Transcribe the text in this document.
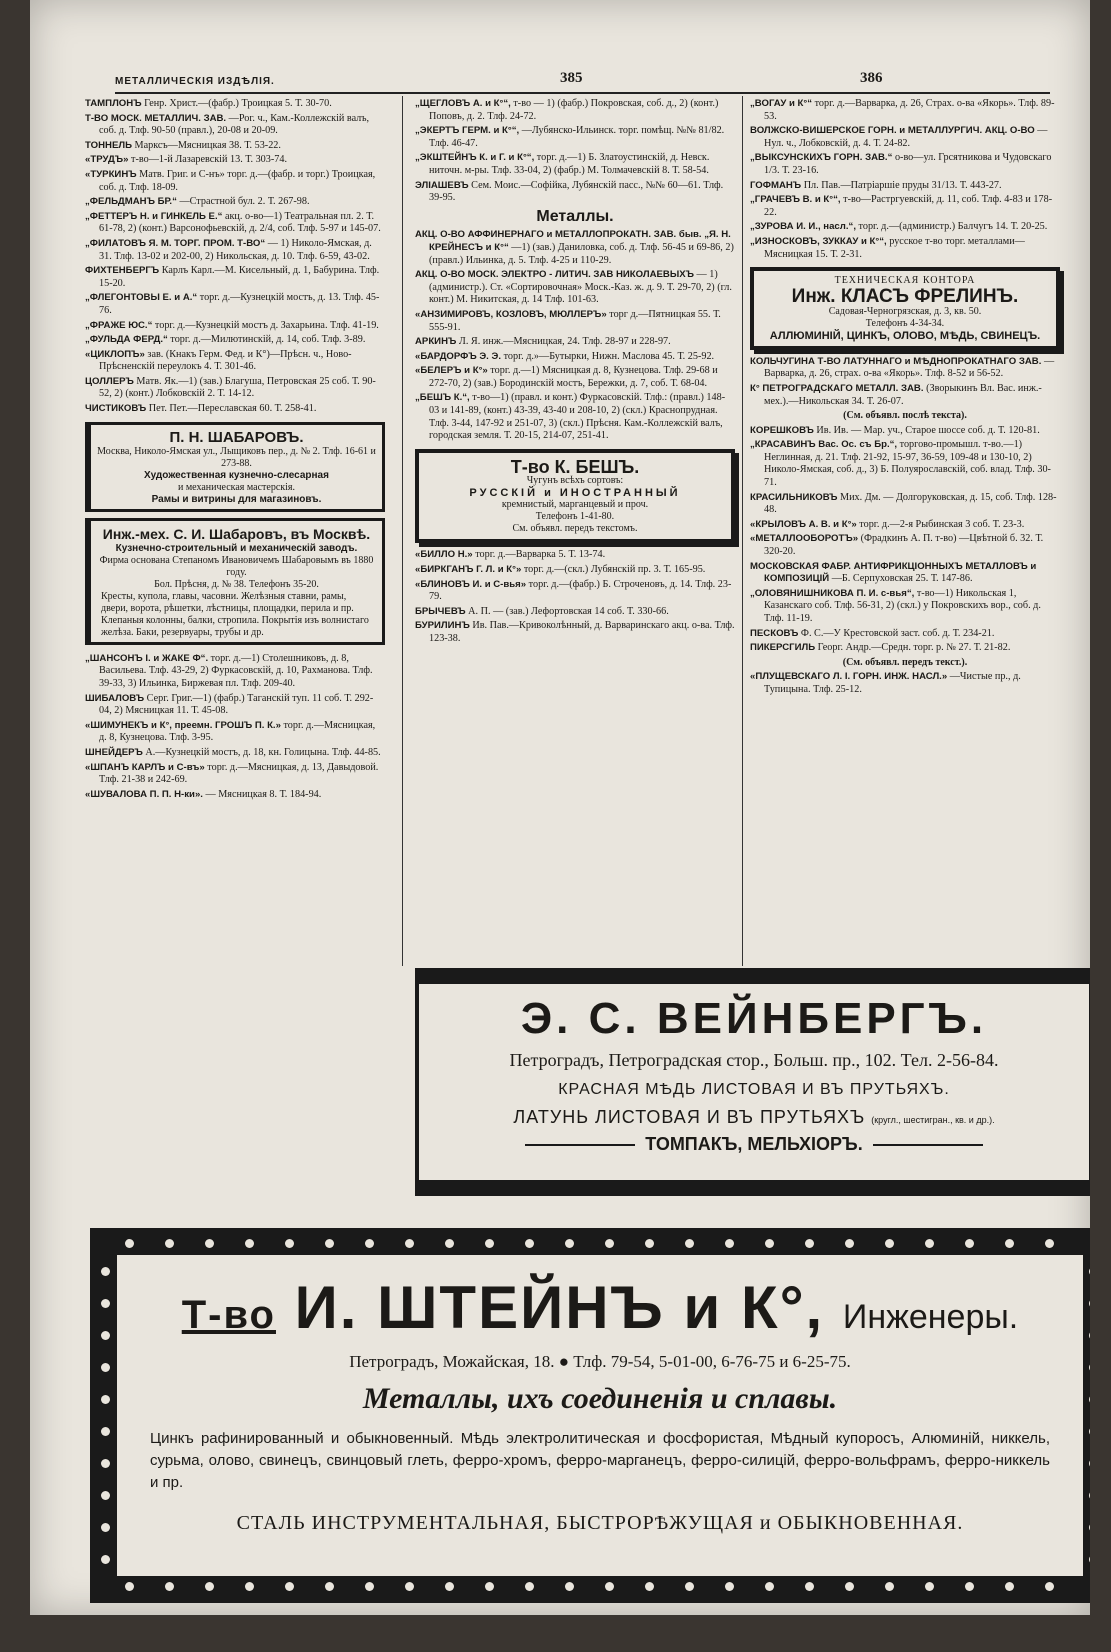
МЕТАЛЛИЧЕСКІЯ ИЗДѢЛІЯ.	385	386
ТАМПЛОНЪ Генр. Христ.—(фабр.) Троицкая 5. Т. 30-70.
Т-ВО МОСК. МЕТАЛЛИЧ. ЗАВ. —Рог. ч., Кам.-Коллежскій валъ, соб. д. Тлф. 90-50 (правл.), 20-08 и 20-09.
ТОННЕЛЬ Марксъ—Мясницкая 38. Т. 53-22.
«ТРУДЪ» т-во—1-й Лазаревскій 13. Т. 303-74.
«ТУРКИНЪ Матв. Григ. и С-нъ» торг. д.—(фабр. и торг.) Троицкая, соб. д. Тлф. 18-09.
„ФЕЛЬДМАНЪ БР.“ —Страстной бул. 2. Т. 267-98.
„ФЕТТЕРЪ Н. и ГИНКЕЛЬ Е.“ акц. о-во—1) Театральная пл. 2. Т. 61-78, 2) (конт.) Варсонофьевскій, д. 2/4, соб. Тлф. 5-97 и 145-07.
„ФИЛАТОВЪ Я. М. ТОРГ. ПРОМ. Т-ВО“ — 1) Николо-Ямская, д. 31. Тлф. 13-02 и 202-00, 2) Никольская, д. 10. Тлф. 6-59, 43-02.
ФИХТЕНБЕРГЪ Карлъ Карл.—М. Кисельный, д. 1, Бабурина. Тлф. 15-20.
„ФЛЕГОНТОВЫ Е. и А.“ торг. д.—Кузнецкій мостъ, д. 13. Тлф. 45-76.
„ФРАЖЕ ЮС.“ торг. д.—Кузнецкій мостъ д. Захарьина. Тлф. 41-19.
„ФУЛЬДА ФЕРД.“ торг. д.—Милютинскій, д. 14, соб. Тлф. 3-89.
«ЦИКЛОПЪ» зав. (Кнакъ Герм. Фед. и К°)—Прѣсн. ч., Ново-Прѣсненскій переулокъ 4. Т. 301-46.
ЦОЛЛЕРЪ Матв. Як.—1) (зав.) Благуша, Петровская 25 соб. Т. 90-52, 2) (конт.) Лобковскій 2. Т. 14-12.
ЧИСТИКОВЪ Пет. Пет.—Переславская 60. Т. 258-41.
П. Н. ШАБАРОВЪ.
Москва, Николо-Ямская ул., Лыщиковъ пер., д. № 2. Тлф. 16-61 и 273-88.
Художественная кузнечно-слесарная
и механическая мастерскія.
Рамы и витрины для магазиновъ.
Инж.-мех. С. И. Шабаровъ, въ Москвѣ.
Кузнечно-строительный и механическій заводъ.
Фирма основана Степаномъ Ивановичемъ Шабаровымъ въ 1880 году.
Бол. Прѣсня, д. № 38. Телефонъ 35-20.
Кресты, купола, главы, часовни. Желѣзныя ставни, рамы, двери, ворота, рѣшетки, лѣстницы, площадки, перила и пр. Клепаныя колонны, балки, стропила. Покрытія изъ волнистаго желѣза. Баки, резервуары, трубы и др.
„ШАНСОНЪ І. и ЖАКЕ Ф“. торг. д.—1) Столешниковъ, д. 8, Васильева. Тлф. 43-29, 2) Фуркасовскій, д. 10, Рахманова. Тлф. 39-33, 3) Ильинка, Биржевая пл. Тлф. 209-40.
ШИБАЛОВЪ Серг. Григ.—1) (фабр.) Таганскій туп. 11 соб. Т. 292-04, 2) Мясницкая 11. Т. 45-08.
«ШИМУНЕКЪ и К°, преемн. ГРОШЪ П. К.» торг. д.—Мясницкая, д. 8, Кузнецова. Тлф. 3-95.
ШНЕЙДЕРЪ А.—Кузнецкій мостъ, д. 18, кн. Голицына. Тлф. 44-85.
«ШПАНЪ КАРЛЪ и С-въ» торг. д.—Мясницкая, д. 13, Давыдовой. Тлф. 21-38 и 242-69.
«ШУВАЛОВА П. П. Н-ки». — Мясницкая 8. Т. 184-94.
„ЩЕГЛОВЪ А. и К°“, т-во — 1) (фабр.) Покровская, соб. д., 2) (конт.) Поповъ, д. 2. Тлф. 24-72.
„ЭКЕРТЪ ГЕРМ. и К°“, —Лубянско-Ильинск. торг. помѣщ. №№ 81/82. Тлф. 46-47.
„ЭКШТЕЙНЪ К. и Г. и К°“, торг. д.—1) Б. Златоустинскій, д. Невск. ниточн. м-ры. Тлф. 33-04, 2) (фабр.) М. Толмачевскій 8. Т. 58-54.
ЭЛІАШЕВЪ Сем. Моис.—Софійка, Лубянскій пасс., №№ 60—61. Тлф. 39-95.
Металлы.
АКЦ. О-ВО АФФИНЕРНАГО и МЕТАЛЛОПРОКАТН. ЗАВ. быв. „Я. Н. КРЕЙНЕСЪ и К°“ —1) (зав.) Даниловка, соб. д. Тлф. 56-45 и 69-86, 2) (правл.) Ильинка, д. 5. Тлф. 4-25 и 110-29.
АКЦ. О-ВО МОСК. ЭЛЕКТРО - ЛИТИЧ. ЗАВ НИКОЛАЕВЫХЪ — 1) (администр.). Ст. «Сортировочная» Моск.-Каз. ж. д. 9. Т. 29-70, 2) (гл. конт.) М. Никитская, д. 14 Тлф. 101-63.
«АНЗИМИРОВЪ, КОЗЛОВЪ, МЮЛЛЕРЪ» торг д.—Пятницкая 55. Т. 555-91.
АРКИНЪ Л. Я. инж.—Мясницкая, 24. Тлф. 28-97 и 228-97.
«БАРДОРФЪ Э. Э. торг. д.»—Бутырки, Нижн. Маслова 45. Т. 25-92.
«БЕЛЕРЪ и К°» торг. д.—1) Мясницкая д. 8, Кузнецова. Тлф. 29-68 и 272-70, 2) (зав.) Бородинскій мостъ, Бережки, д. 7, соб. Т. 68-04.
„БЕШЪ К.“, т-во—1) (правл. и конт.) Фуркасовскій. Тлф.: (правл.) 148-03 и 141-89, (конт.) 43-39, 43-40 и 208-10, 2) (скл.) Краснопрудная. Тлф. 3-44, 147-92 и 251-07, 3) (скл.) Прѣсня. Кам.-Коллежскій валъ, городская земля. Т. 20-15, 214-07, 251-41.
Т-во К. БЕШЪ.
Чугунъ всѣхъ сортовъ:
РУССКІЙ и ИНОСТРАННЫЙ
кремнистый, марганцевый и проч.
Телефонъ 1-41-80.
См. объявл. передъ текстомъ.
«БИЛЛО Н.» торг. д.—Варварка 5. Т. 13-74.
«БИРКГАНЪ Г. Л. и К°» торг. д.—(скл.) Лубянскій пр. 3. Т. 165-95.
«БЛИНОВЪ И. и С-вья» торг. д.—(фабр.) Б. Строченовъ, д. 14. Тлф. 23-79.
БРЫЧЕВЪ А. П. — (зав.) Лефортовская 14 соб. Т. 330-66.
БУРИЛИНЪ Ив. Пав.—Кривоколѣнный, д. Варваринскаго акц. о-ва. Тлф. 123-38.
„ВОГАУ и К°“ торг. д.—Варварка, д. 26, Страх. о-ва «Якорь». Тлф. 89-53.
ВОЛЖСКО-ВИШЕРСКОЕ ГОРН. и МЕТАЛЛУРГИЧ. АКЦ. О-ВО —Нул. ч., Лобковскій, д. 4. Т. 24-82.
„ВЫКСУНСКИХЪ ГОРН. ЗАВ.“ о-во—ул. Грсятникова и Чудовскаго 1/3. Т. 23-16.
ГОФМАНЪ Пл. Пав.—Патріаршіе пруды 31/13. Т. 443-27.
„ГРАЧЕВЪ В. и К°“, т-во—Растргуевскій, д. 11, соб. Тлф. 4-83 и 178-22.
„ЗУРОВА И. И., насл.“, торг. д.—(администр.) Балчугъ 14. Т. 20-25.
„ИЗНОСКОВЪ, ЗУККАУ и К°“, русское т-во торг. металлами—Мясницкая 15. Т. 2-31.
ТЕХНИЧЕСКАЯ КОНТОРА
Инж. КЛАСЪ ФРЕЛИНЪ.
Садовая-Черногрязская, д. 3, кв. 50.
Телефонъ 4-34-34.
АЛЛЮМИНІЙ, ЦИНКЪ, ОЛОВО, МѢДЬ, СВИНЕЦЪ.
КОЛЬЧУГИНА Т-ВО ЛАТУННАГО и МѢДНОПРОКАТНАГО ЗАВ. —Варварка, д. 26, страх. о-ва «Якорь». Тлф. 8-52 и 56-52.
К° ПЕТРОГРАДСКАГО МЕТАЛЛ. ЗАВ. (Зворыкинъ Вл. Вас. инж.-мех.).—Никольская 34. Т. 26-07.
(См. объявл. послѣ текста).
КОРЕШКОВЪ Ив. Ив. — Мар. уч., Старое шоссе соб. д. Т. 120-81.
„КРАСАВИНЪ Вас. Ос. съ Бр.“, торгово-промышл. т-во.—1) Неглинная, д. 21. Тлф. 21-92, 15-97, 36-59, 109-48 и 130-10, 2) Николо-Ямская, соб. д., 3) Б. Полуярославскій, соб. влад. Тлф. 30-71.
КРАСИЛЬНИКОВЪ Мих. Дм. — Долгоруковская, д. 15, соб. Тлф. 128-48.
«КРЫЛОВЪ А. В. и К°» торг. д.—2-я Рыбинская 3 соб. Т. 23-3.
«МЕТАЛЛООБОРОТЪ» (Фрадкинъ А. П. т-во) —Цвѣтной б. 32. Т. 320-20.
МОСКОВСКАЯ ФАБР. АНТИФРИКЦІОННЫХЪ МЕТАЛЛОВЪ и КОМПОЗИЦІЙ —Б. Серпуховская 25. Т. 147-86.
„ОЛОВЯНИШНИКОВА П. И. с-вья“, т-во—1) Никольская 1, Казанскаго соб. Тлф. 56-31, 2) (скл.) у Покровскихъ вор., соб. д. Тлф. 11-19.
ПЕСКОВЪ Ф. С.—У Крестовской заст. соб. д. Т. 234-21.
ПИКЕРСГИЛЬ Георг. Андр.—Средн. торг. р. № 27. Т. 21-82.
(См. объявл. передъ текст.).
«ПЛУЩЕВСКАГО Л. І. ГОРН. ИНЖ. НАСЛ.» —Чистые пр., д. Тупицына. Тлф. 25-12.
Э. С. ВЕЙНБЕРГЪ.
Петроградъ, Петроградская стор., Больш. пр., 102. Тел. 2-56-84.
КРАСНАЯ МѢДЬ ЛИСТОВАЯ И ВЪ ПРУТЬЯХЪ.
ЛАТУНЬ ЛИСТОВАЯ И ВЪ ПРУТЬЯХЪ (кругл., шестигран., кв. и др.).
ТОМПАКЪ, МЕЛЬХІОРЪ.
Т-во И. ШТЕЙНЪ и К°, Инженеры.
Петроградъ, Можайская, 18. ● Тлф. 79-54, 5-01-00, 6-76-75 и 6-25-75.
Металлы, ихъ соединенія и сплавы.
Цинкъ рафинированный и обыкновенный. Мѣдь электролитическая и фосфористая, Мѣдный купоросъ, Алюминій, никкель, сурьма, олово, свинецъ, свинцовый глеть, ферро-хромъ, ферро-марганецъ, ферро-силицій, ферро-вольфрамъ, ферро-никкель и пр.
СТАЛЬ ИНСТРУМЕНТАЛЬНАЯ, БЫСТРОРѢЖУЩАЯ и ОБЫКНОВЕННАЯ.
